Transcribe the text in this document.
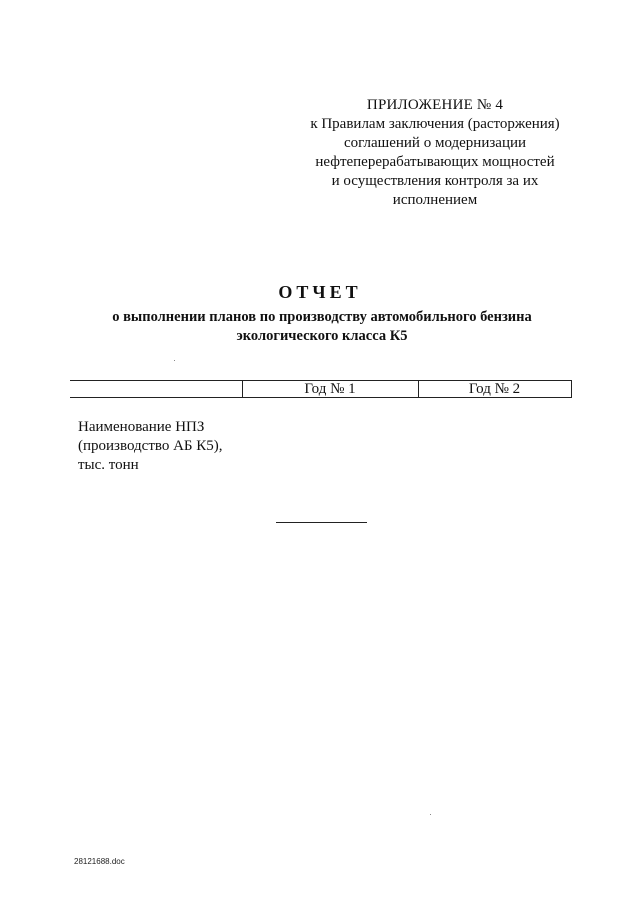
ПРИЛОЖЕНИЕ № 4
к Правилам заключения (расторжения)
соглашений о модернизации
нефтеперерабатывающих мощностей
и осуществления контроля за их
исполнением
ОТЧЕТ
о выполнении планов по производству автомобильного бензина
экологического класса К5
Год № 1	Год № 2
Наименование НПЗ
(производство АБ К5),
тыс. тонн
28121688.doc
